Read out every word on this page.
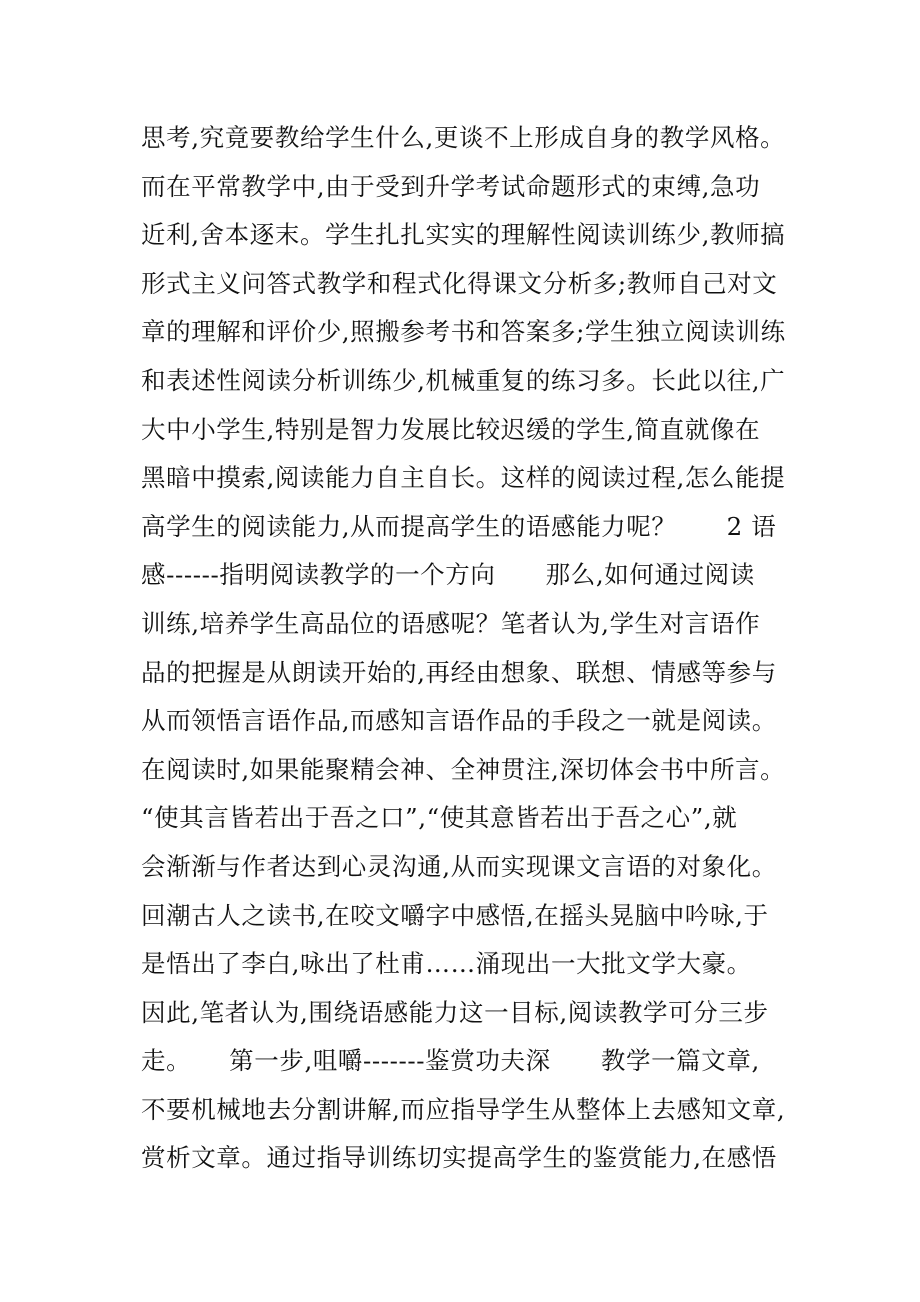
思考,究竟要教给学生什么,更谈不上形成自身的教学风格。
而在平常教学中,由于受到升学考试命题形式的束缚,急功
近利,舍本逐末。学生扎扎实实的理解性阅读训练少,教师搞
形式主义问答式教学和程式化得课文分析多;教师自己对文
章的理解和评价少,照搬参考书和答案多;学生独立阅读训练
和表述性阅读分析训练少,机械重复的练习多。长此以往,广
大中小学生,特别是智力发展比较迟缓的学生,简直就像在
黑暗中摸索,阅读能力自主自长。这样的阅读过程,怎么能提
高学生的阅读能力,从而提高学生的语感能力呢？　　2 语
感------指明阅读教学的一个方向　　那么,如何通过阅读
训练,培养学生高品位的语感呢？笔者认为,学生对言语作
品的把握是从朗读开始的,再经由想象、联想、情感等参与
从而领悟言语作品,而感知言语作品的手段之一就是阅读。
在阅读时,如果能聚精会神、全神贯注,深切体会书中所言。
“使其言皆若出于吾之口”,“使其意皆若出于吾之心”,就
会渐渐与作者达到心灵沟通,从而实现课文言语的对象化。
回潮古人之读书,在咬文嚼字中感悟,在摇头晃脑中吟咏,于
是悟出了李白,咏出了杜甫……涌现出一大批文学大豪。
因此,笔者认为,围绕语感能力这一目标,阅读教学可分三步
走。　　第一步,咀嚼-------鉴赏功夫深　　教学一篇文章,
不要机械地去分割讲解,而应指导学生从整体上去感知文章,
赏析文章。通过指导训练切实提高学生的鉴赏能力,在感悟
